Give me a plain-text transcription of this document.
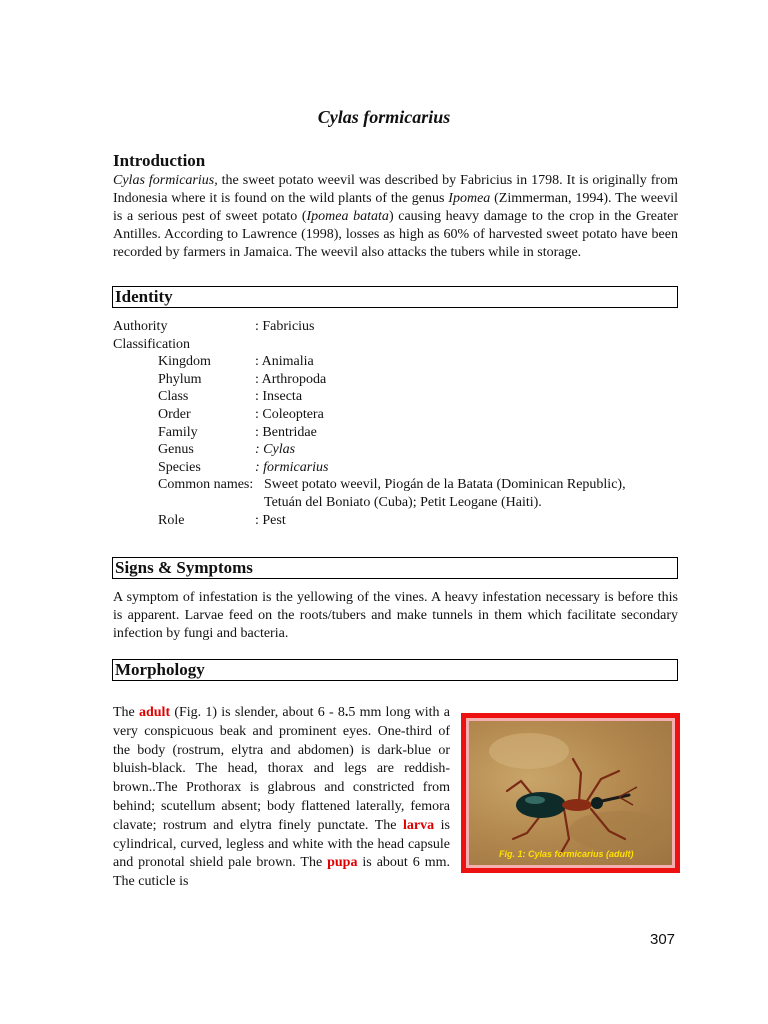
Cylas formicarius
Introduction

Cylas formicarius, the sweet potato weevil was described by Fabricius in 1798. It is originally from Indonesia where it is found on the wild plants of the genus Ipomea (Zimmerman, 1994). The weevil is a serious pest of sweet potato (Ipomea batata) causing heavy damage to the crop in the Greater Antilles. According to Lawrence (1998), losses as high as 60% of harvested sweet potato have been recorded by farmers in Jamaica. The weevil also attacks the tubers while in storage.

Identity
Authority	: Fabricius
Classification
Kingdom	: Animalia
Phylum	: Arthropoda
Class	: Insecta
Order	: Coleoptera
Family	: Bentridae
Genus	: Cylas
Species	: formicarius
Common names: Sweet potato weevil, Piogán de la Batata (Dominican Republic),
Tetuán del Boniato (Cuba); Petit Leogane (Haiti).
Role	: Pest
Signs & Symptoms

A symptom of infestation is the yellowing of the vines. A heavy infestation necessary is before this is apparent. Larvae feed on the roots/tubers and make tunnels in them which facilitate secondary infection by fungi and bacteria.

Morphology

The adult (Fig. 1) is slender, about 6 - 8.5 mm long with a very conspicuous beak and prominent eyes. One-third of the body (rostrum, elytra and abdomen) is dark-blue or bluish-black. The head, thorax and legs are reddish-brown..The Prothorax is glabrous and constricted from behind; scutellum absent; body flattened laterally, femora clavate; rostrum and elytra finely punctate. The larva is cylindrical, curved, legless and white with the head capsule and pronotal shield pale brown. The pupa is about 6 mm. The cuticle is

Fig. 1: Cylas formicarius (adult)
307
